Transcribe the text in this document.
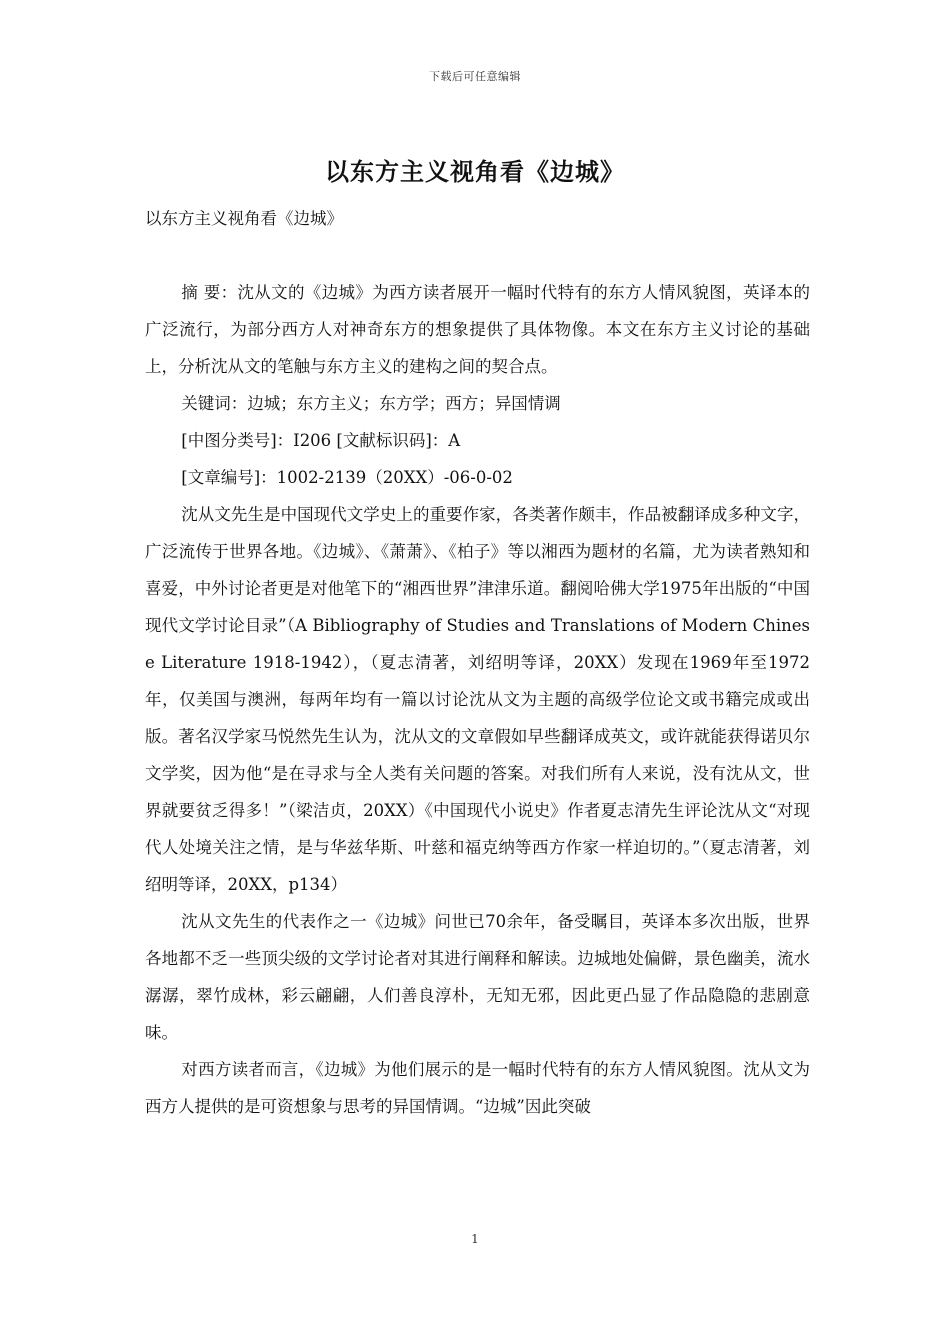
下载后可任意编辑
以东方主义视角看《边城》

以东方主义视角看《边城》

摘 要：沈从文的《边城》为西方读者展开一幅时代特有的东方人情风貌图，英译本的广泛流行，为部分西方人对神奇东方的想象提供了具体物像。本文在东方主义讨论的基础上，分析沈从文的笔触与东方主义的建构之间的契合点。

关键词：边城；东方主义；东方学；西方；异国情调

[中图分类号]：I206 [文献标识码]：A

[文章编号]：1002-2139（20XX）-06-0-02

沈从文先生是中国现代文学史上的重要作家，各类著作颇丰，作品被翻译成多种文字，广泛流传于世界各地。《边城》、《萧萧》、《柏子》等以湘西为题材的名篇，尤为读者熟知和喜爱，中外讨论者更是对他笔下的“湘西世界”津津乐道。翻阅哈佛大学1975年出版的“中国现代文学讨论目录”（A Bibliography of Studies and Translations of Modern Chinese Literature 1918-1942），（夏志清著，刘绍明等译，20XX）发现在1969年至1972年，仅美国与澳洲，每两年均有一篇以讨论沈从文为主题的高级学位论文或书籍完成或出版。著名汉学家马悦然先生认为，沈从文的文章假如早些翻译成英文，或许就能获得诺贝尔文学奖，因为他“是在寻求与全人类有关问题的答案。对我们所有人来说，没有沈从文，世界就要贫乏得多！”（梁洁贞，20XX）《中国现代小说史》作者夏志清先生评论沈从文“对现代人处境关注之情，是与华兹华斯、叶慈和福克纳等西方作家一样迫切的。”（夏志清著，刘绍明等译，20XX，p134）

沈从文先生的代表作之一《边城》问世已70余年，备受瞩目，英译本多次出版，世界各地都不乏一些顶尖级的文学讨论者对其进行阐释和解读。边城地处偏僻，景色幽美，流水潺潺，翠竹成林，彩云翩翩，人们善良淳朴，无知无邪，因此更凸显了作品隐隐的悲剧意味。

对西方读者而言，《边城》为他们展示的是一幅时代特有的东方人情风貌图。沈从文为西方人提供的是可资想象与思考的异国情调。“边城”因此突破

1
